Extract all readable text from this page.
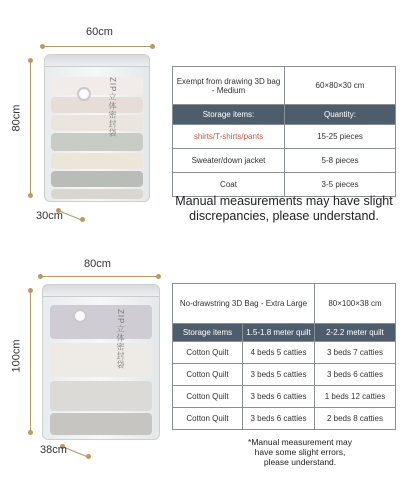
60cm
80cm	ZIP立体密封袋
30cm
Exempt from drawing 3D bag - Medium	60×80×30 cm
Storage items:	Quantity:
shirts/T-shirts/pants	15-25 pieces
Sweater/down jacket	5-8 pieces
Coat	3-5 pieces
Manual measurements may have slight discrepancies, please understand.
80cm
100cm	ZIP立体密封袋
38cm
No-drawstring 3D Bag - Extra Large		80×100×38 cm
Storage items	1.5-1.8 meter quilt	2-2.2 meter quilt
Cotton Quilt	4 beds 5 catties	3 beds 7 catties
Cotton Quilt	3 beds 5 catties	3 beds 6 catties
Cotton Quilt	3 beds 6 catties	1 beds 12 catties
Cotton Quilt	3 beds 6 catties	2 beds 8 catties
*Manual measurement may have some slight errors, please understand.
